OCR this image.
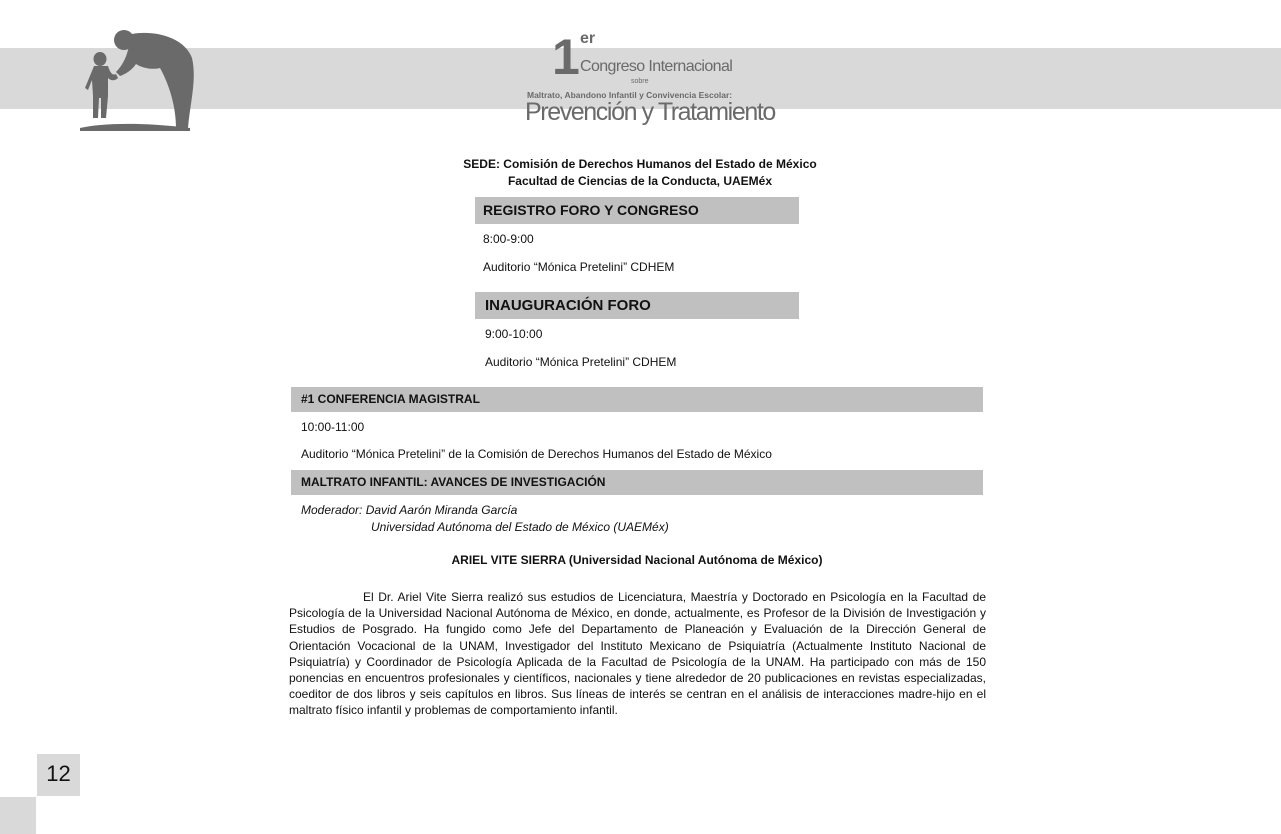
1 er
Congreso Internacional
sobre
Maltrato, Abandono Infantil y Convivencia Escolar:
Prevención y Tratamiento
SEDE: Comisión de Derechos Humanos del Estado de México
Facultad de Ciencias de la Conducta, UAEMéx
REGISTRO FORO Y CONGRESO
8:00-9:00
Auditorio “Mónica Pretelini” CDHEM
INAUGURACIÓN FORO
9:00-10:00
Auditorio “Mónica Pretelini” CDHEM
#1 CONFERENCIA MAGISTRAL
10:00-11:00
Auditorio “Mónica Pretelini” de la Comisión de Derechos Humanos del Estado de México
MALTRATO INFANTIL: AVANCES DE INVESTIGACIÓN
Moderador: David Aarón Miranda García
Universidad Autónoma del Estado de México (UAEMéx)
ARIEL VITE SIERRA (Universidad Nacional Autónoma de México)
El Dr. Ariel Vite Sierra realizó sus estudios de Licenciatura, Maestría y Doctorado en Psicología en la Facultad de Psicología de la Universidad Nacional Autónoma de México, en donde, actualmente, es Profesor de la División de Investigación y Estudios de Posgrado. Ha fungido como Jefe del Departamento de Planeación y Evaluación de la Dirección General de Orientación Vocacional de la UNAM, Investigador del Instituto Mexicano de Psiquiatría (Actualmente Instituto Nacional de Psiquiatría) y Coordinador de Psicología Aplicada de la Facultad de Psicología de la UNAM. Ha participado con más de 150 ponencias en encuentros profesionales y científicos, nacionales y tiene alrededor de 20 publicaciones en revistas especializadas, coeditor de dos libros y seis capítulos en libros. Sus líneas de interés se centran en el análisis de interacciones madre-hijo en el maltrato físico infantil y problemas de comportamiento infantil.
12
